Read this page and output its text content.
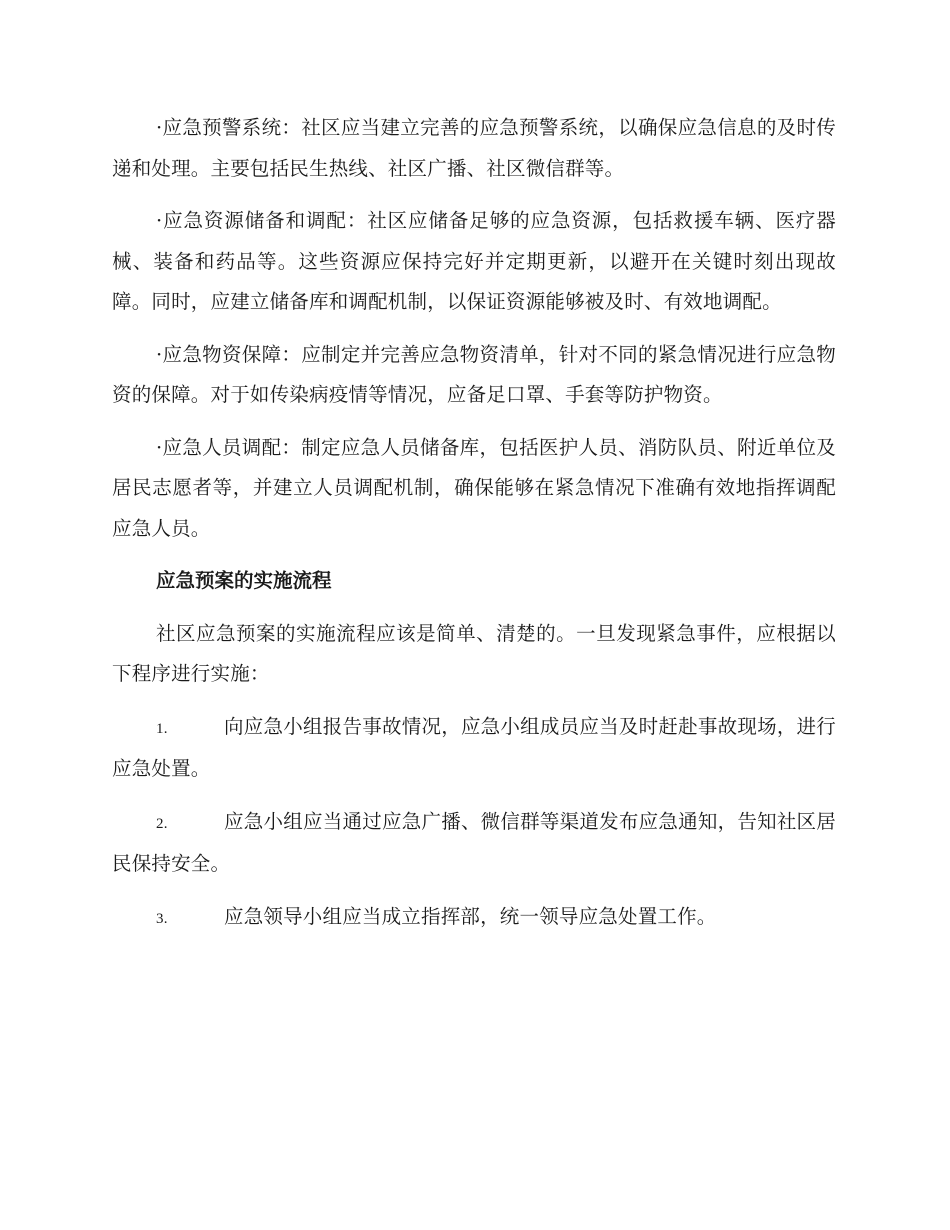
·应急预警系统：社区应当建立完善的应急预警系统，以确保应急信息的及时传递和处理。主要包括民生热线、社区广播、社区微信群等。

·应急资源储备和调配：社区应储备足够的应急资源，包括救援车辆、医疗器械、装备和药品等。这些资源应保持完好并定期更新，以避开在关键时刻出现故障。同时，应建立储备库和调配机制，以保证资源能够被及时、有效地调配。

·应急物资保障：应制定并完善应急物资清单，针对不同的紧急情况进行应急物资的保障。对于如传染病疫情等情况，应备足口罩、手套等防护物资。

·应急人员调配：制定应急人员储备库，包括医护人员、消防队员、附近单位及居民志愿者等，并建立人员调配机制，确保能够在紧急情况下准确有效地指挥调配应急人员。

应急预案的实施流程

社区应急预案的实施流程应该是简单、清楚的。一旦发现紧急事件，应根据以下程序进行实施：

1.	向应急小组报告事故情况，应急小组成员应当及时赶赴事故现场，进行应急处置。

2.	应急小组应当通过应急广播、微信群等渠道发布应急通知，告知社区居民保持安全。

3.	应急领导小组应当成立指挥部，统一领导应急处置工作。
